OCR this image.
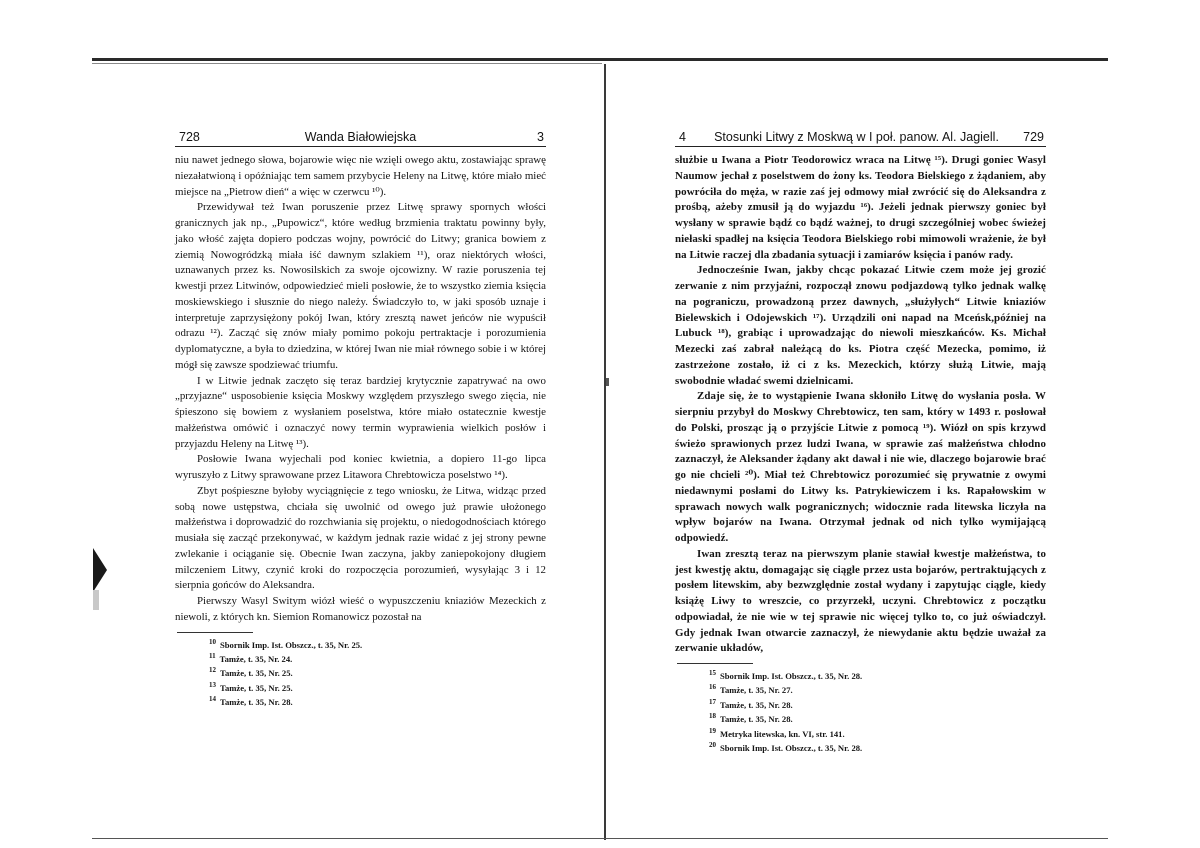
728	Wanda Białowiejska	3

niu nawet jednego słowa, bojarowie więc nie wzięli owego aktu, zostawiając sprawę niezałatwioną i opóźniając tem samem przybycie Heleny na Litwę, które miało mieć miejsce na „Pietrow dień“ a więc w czerwcu ¹⁰).

Przewidywał też Iwan poruszenie przez Litwę sprawy spornych włości granicznych jak np., „Pupowicz“, które według brzmienia traktatu powinny były, jako włość zajęta dopiero podczas wojny, powrócić do Litwy; granica bowiem z ziemią Nowogródzką miała iść dawnym szlakiem ¹¹), oraz niektórych włości, uznawanych przez ks. Nowosilskich za swoje ojcowizny. W razie poruszenia tej kwestji przez Litwinów, odpowiedzieć mieli posłowie, że to wszystko ziemia księcia moskiewskiego i słusznie do niego należy. Świadczyło to, w jaki sposób uznaje i interpretuje zaprzysiężony pokój Iwan, który zresztą nawet jeńców nie wypuścił odrazu ¹²). Zacząć się znów miały pomimo pokoju pertraktacje i porozumienia dyplomatyczne, a była to dziedzina, w której Iwan nie miał równego sobie i w której mógł się zawsze spodziewać triumfu.

I w Litwie jednak zaczęto się teraz bardziej krytycznie zapatrywać na owo „przyjazne“ usposobienie księcia Moskwy względem przyszłego swego zięcia, nie śpieszono się bowiem z wysłaniem poselstwa, które miało ostatecznie kwestje małżeństwa omówić i oznaczyć nowy termin wyprawienia wielkich posłów i przyjazdu Heleny na Litwę ¹³).

Posłowie Iwana wyjechali pod koniec kwietnia, a dopiero 11-go lipca wyruszyło z Litwy sprawowane przez Litawora Chrebtowicza poselstwo ¹⁴).

Zbyt pośpieszne byłoby wyciągnięcie z tego wniosku, że Litwa, widząc przed sobą nowe ustępstwa, chciała się uwolnić od owego już prawie ułożonego małżeństwa i doprowadzić do rozchwiania się projektu, o niedogodnościach którego musiała się zacząć przekonywać, w każdym jednak razie widać z jej strony pewne zwlekanie i ociąganie się. Obecnie Iwan zaczyna, jakby zaniepokojony długiem milczeniem Litwy, czynić kroki do rozpoczęcia porozumień, wysyłając 3 i 12 sierpnia gońców do Aleksandra.

Pierwszy Wasyl Switym wiózł wieść o wypuszczeniu kniaziów Mezeckich z niewoli, z których kn. Siemion Romanowicz pozostał na

$^{10}$ Sbornik Imp. Ist. Obszcz., t. 35, Nr. 25.
$^{11}$ Tamże, t. 35, Nr. 24.
$^{12}$ Tamże, t. 35, Nr. 25.
$^{13}$ Tamże, t. 35, Nr. 25.
$^{14}$ Tamże, t. 35, Nr. 28.
4	Stosunki Litwy z Moskwą w I poł. panow. Al. Jagiell.	729

służbie u Iwana a Piotr Teodorowicz wraca na Litwę ¹⁵). Drugi goniec Wasyl Naumow jechał z poselstwem do żony ks. Teodora Bielskiego z żądaniem, aby powróciła do męża, w razie zaś jej odmowy miał zwrócić się do Aleksandra z prośbą, ażeby zmusił ją do wyjazdu ¹⁶). Jeżeli jednak pierwszy goniec był wysłany w sprawie bądź co bądź ważnej, to drugi szczególniej wobec świeżej niełaski spadłej na księcia Teodora Bielskiego robi mimowoli wrażenie, że był na Litwie raczej dla zbadania sytuacji i zamiarów księcia i panów rady.

Jednocześnie Iwan, jakby chcąc pokazać Litwie czem może jej grozić zerwanie z nim przyjaźni, rozpoczął znowu podjazdową tylko jednak walkę na pograniczu, prowadzoną przez dawnych, „służyłych“ Litwie kniaziów Bielewskich i Odojewskich ¹⁷). Urządzili oni napad na Mceńsk,później na Lubuck ¹⁸), grabiąc i uprowadzając do niewoli mieszkańców. Ks. Michał Mezecki zaś zabrał należącą do ks. Piotra część Mezecka, pomimo, iż zastrzeżone zostało, iż ci z ks. Mezeckich, którzy służą Litwie, mają swobodnie władać swemi dzielnicami.

Zdaje się, że to wystąpienie Iwana skłoniło Litwę do wysłania posła. W sierpniu przybył do Moskwy Chrebtowicz, ten sam, który w 1493 r. posłował do Polski, prosząc ją o przyjście Litwie z pomocą ¹⁹). Wiózł on spis krzywd świeżo sprawionych przez ludzi Iwana, w sprawie zaś małżeństwa chłodno zaznaczył, że Aleksander żądany akt dawał i nie wie, dlaczego bojarowie brać go nie chcieli ²⁰). Miał też Chrebtowicz porozumieć się prywatnie z owymi niedawnymi posłami do Litwy ks. Patrykiewiczem i ks. Rapałowskim w sprawach nowych walk pogranicznych; widocznie rada litewska liczyła na wpływ bojarów na Iwana. Otrzymał jednak od nich tylko wymijającą odpowiedź.

Iwan zresztą teraz na pierwszym planie stawiał kwestje małżeństwa, to jest kwestję aktu, domagając się ciągle przez usta bojarów, pertraktujących z posłem litewskim, aby bezwzględnie został wydany i zapytując ciągle, kiedy książę Liwy to wreszcie, co przyrzekł, uczyni. Chrebtowicz z początku odpowiadał, że nie wie w tej sprawie nic więcej tylko to, co już oświadczył. Gdy jednak Iwan otwarcie zaznaczył, że niewydanie aktu będzie uważał za zerwanie układów,

$^{15}$ Sbornik Imp. Ist. Obszcz., t. 35, Nr. 28.
$^{16}$ Tamże, t. 35, Nr. 27.
$^{17}$ Tamże, t. 35, Nr. 28.
$^{18}$ Tamże, t. 35, Nr. 28.
$^{19}$ Metryka litewska, kn. VI, str. 141.
$^{20}$ Sbornik Imp. Ist. Obszcz., t. 35, Nr. 28.
